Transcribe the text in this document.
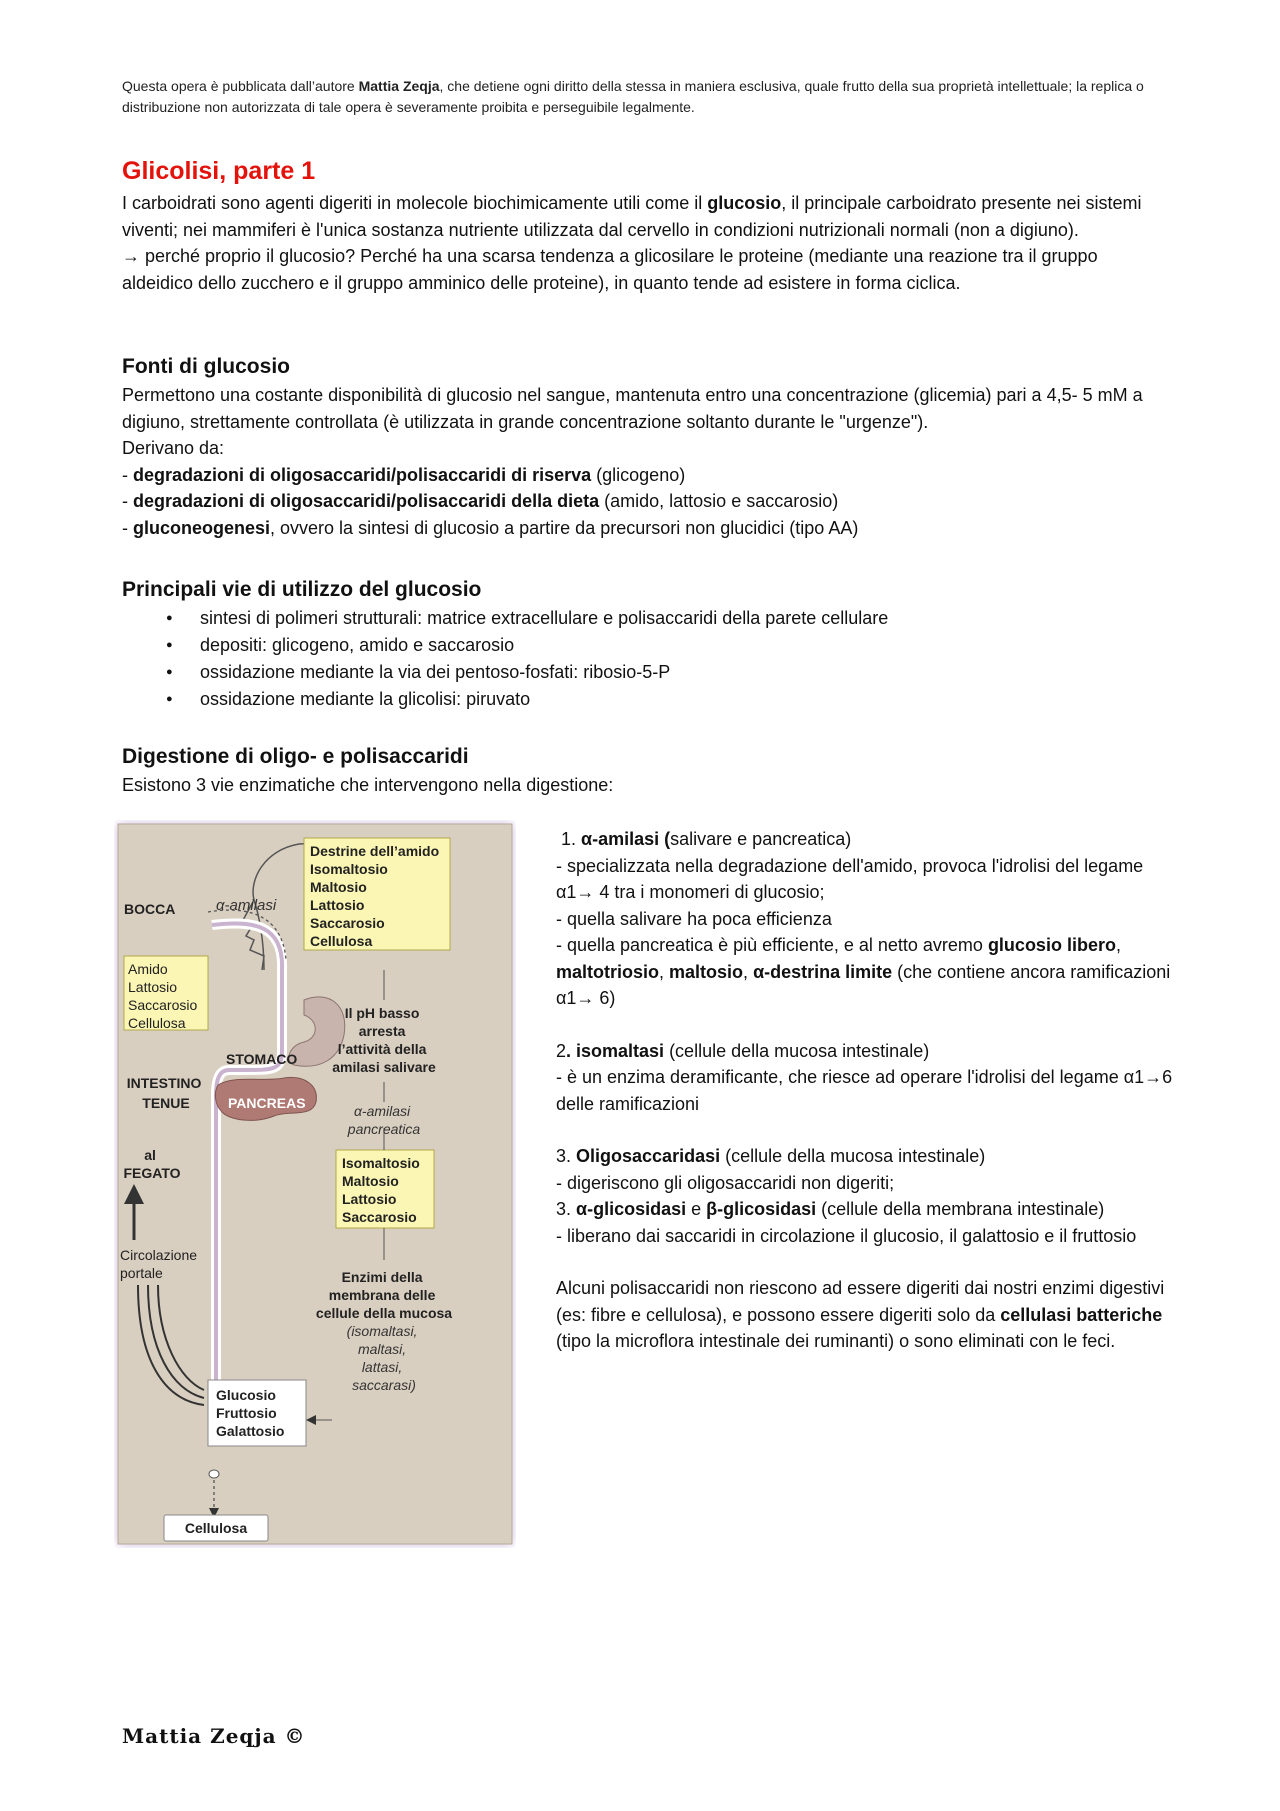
Questa opera è pubblicata dall’autore Mattia Zeqja, che detiene ogni diritto della stessa in maniera esclusiva, quale frutto della sua proprietà intellettuale; la replica o distribuzione non autorizzata di tale opera è severamente proibita e perseguibile legalmente.
Glicolisi, parte 1

I carboidrati sono agenti digeriti in molecole biochimicamente utili come il glucosio, il principale carboidrato presente nei sistemi viventi; nei mammiferi è l'unica sostanza nutriente utilizzata dal cervello in condizioni nutrizionali normali (non a digiuno).

→ perché proprio il glucosio? Perché ha una scarsa tendenza a glicosilare le proteine (mediante una reazione tra il gruppo aldeidico dello zucchero e il gruppo amminico delle proteine), in quanto tende ad esistere in forma ciclica.

Fonti di glucosio

Permettono una costante disponibilità di glucosio nel sangue, mantenuta entro una concentrazione (glicemia) pari a 4,5- 5 mM a digiuno, strettamente controllata (è utilizzata in grande concentrazione soltanto durante le "urgenze").

Derivano da:

- degradazioni di oligosaccaridi/polisaccaridi di riserva (glicogeno)

- degradazioni di oligosaccaridi/polisaccaridi della dieta (amido, lattosio e saccarosio)

- gluconeogenesi, ovvero la sintesi di glucosio a partire da precursori non glucidici (tipo AA)

Principali vie di utilizzo del glucosio
● sintesi di polimeri strutturali: matrice extracellulare e polisaccaridi della parete cellulare
● depositi: glicogeno, amido e saccarosio
● ossidazione mediante la via dei pentoso-fosfati: ribosio-5-P
● ossidazione mediante la glicolisi: piruvato
Digestione di oligo- e polisaccaridi

Esistono 3 vie enzimatiche che intervengono nella digestione:

BOCCA	α-amilasi
Destrine dell’amido Isomaltosio Maltosio Lattosio Saccarosio Cellulosa
Amido Lattosio Saccarosio Cellulosa
Il pH basso arresta l’attività della amilasi salivare
STOMACO
INTESTINO TENUE	PANCREAS	α-amilasi pancreatica
Isomaltosio Maltosio Lattosio Saccarosio
al FEGATO
Circolazione portale	Enzimi della membrana delle cellule della mucosa
(isomaltasi, maltasi, lattasi, saccarasi)
Glucosio Fruttosio Galattosio
Cellulosa

1. α-amilasi (salivare e pancreatica)

- specializzata nella degradazione dell'amido, provoca l'idrolisi del legame α1→ 4 tra i monomeri di glucosio;

- quella salivare ha poca efficienza

- quella pancreatica è più efficiente, e al netto avremo glucosio libero, maltotriosio, maltosio, α-destrina limite (che contiene ancora ramificazioni α1→ 6)

2. isomaltasi (cellule della mucosa intestinale)

- è un enzima deramificante, che riesce ad operare l'idrolisi del legame α1→6 delle ramificazioni

3. Oligosaccaridasi (cellule della mucosa intestinale)

- digeriscono gli oligosaccaridi non digeriti;

3. α-glicosidasi e β-glicosidasi (cellule della membrana intestinale)

- liberano dai saccaridi in circolazione il glucosio, il galattosio e il fruttosio

Alcuni polisaccaridi non riescono ad essere digeriti dai nostri enzimi digestivi (es: fibre e cellulosa), e possono essere digeriti solo da cellulasi batteriche (tipo la microflora intestinale dei ruminanti) o sono eliminati con le feci.

Mattia Zeqja ©
